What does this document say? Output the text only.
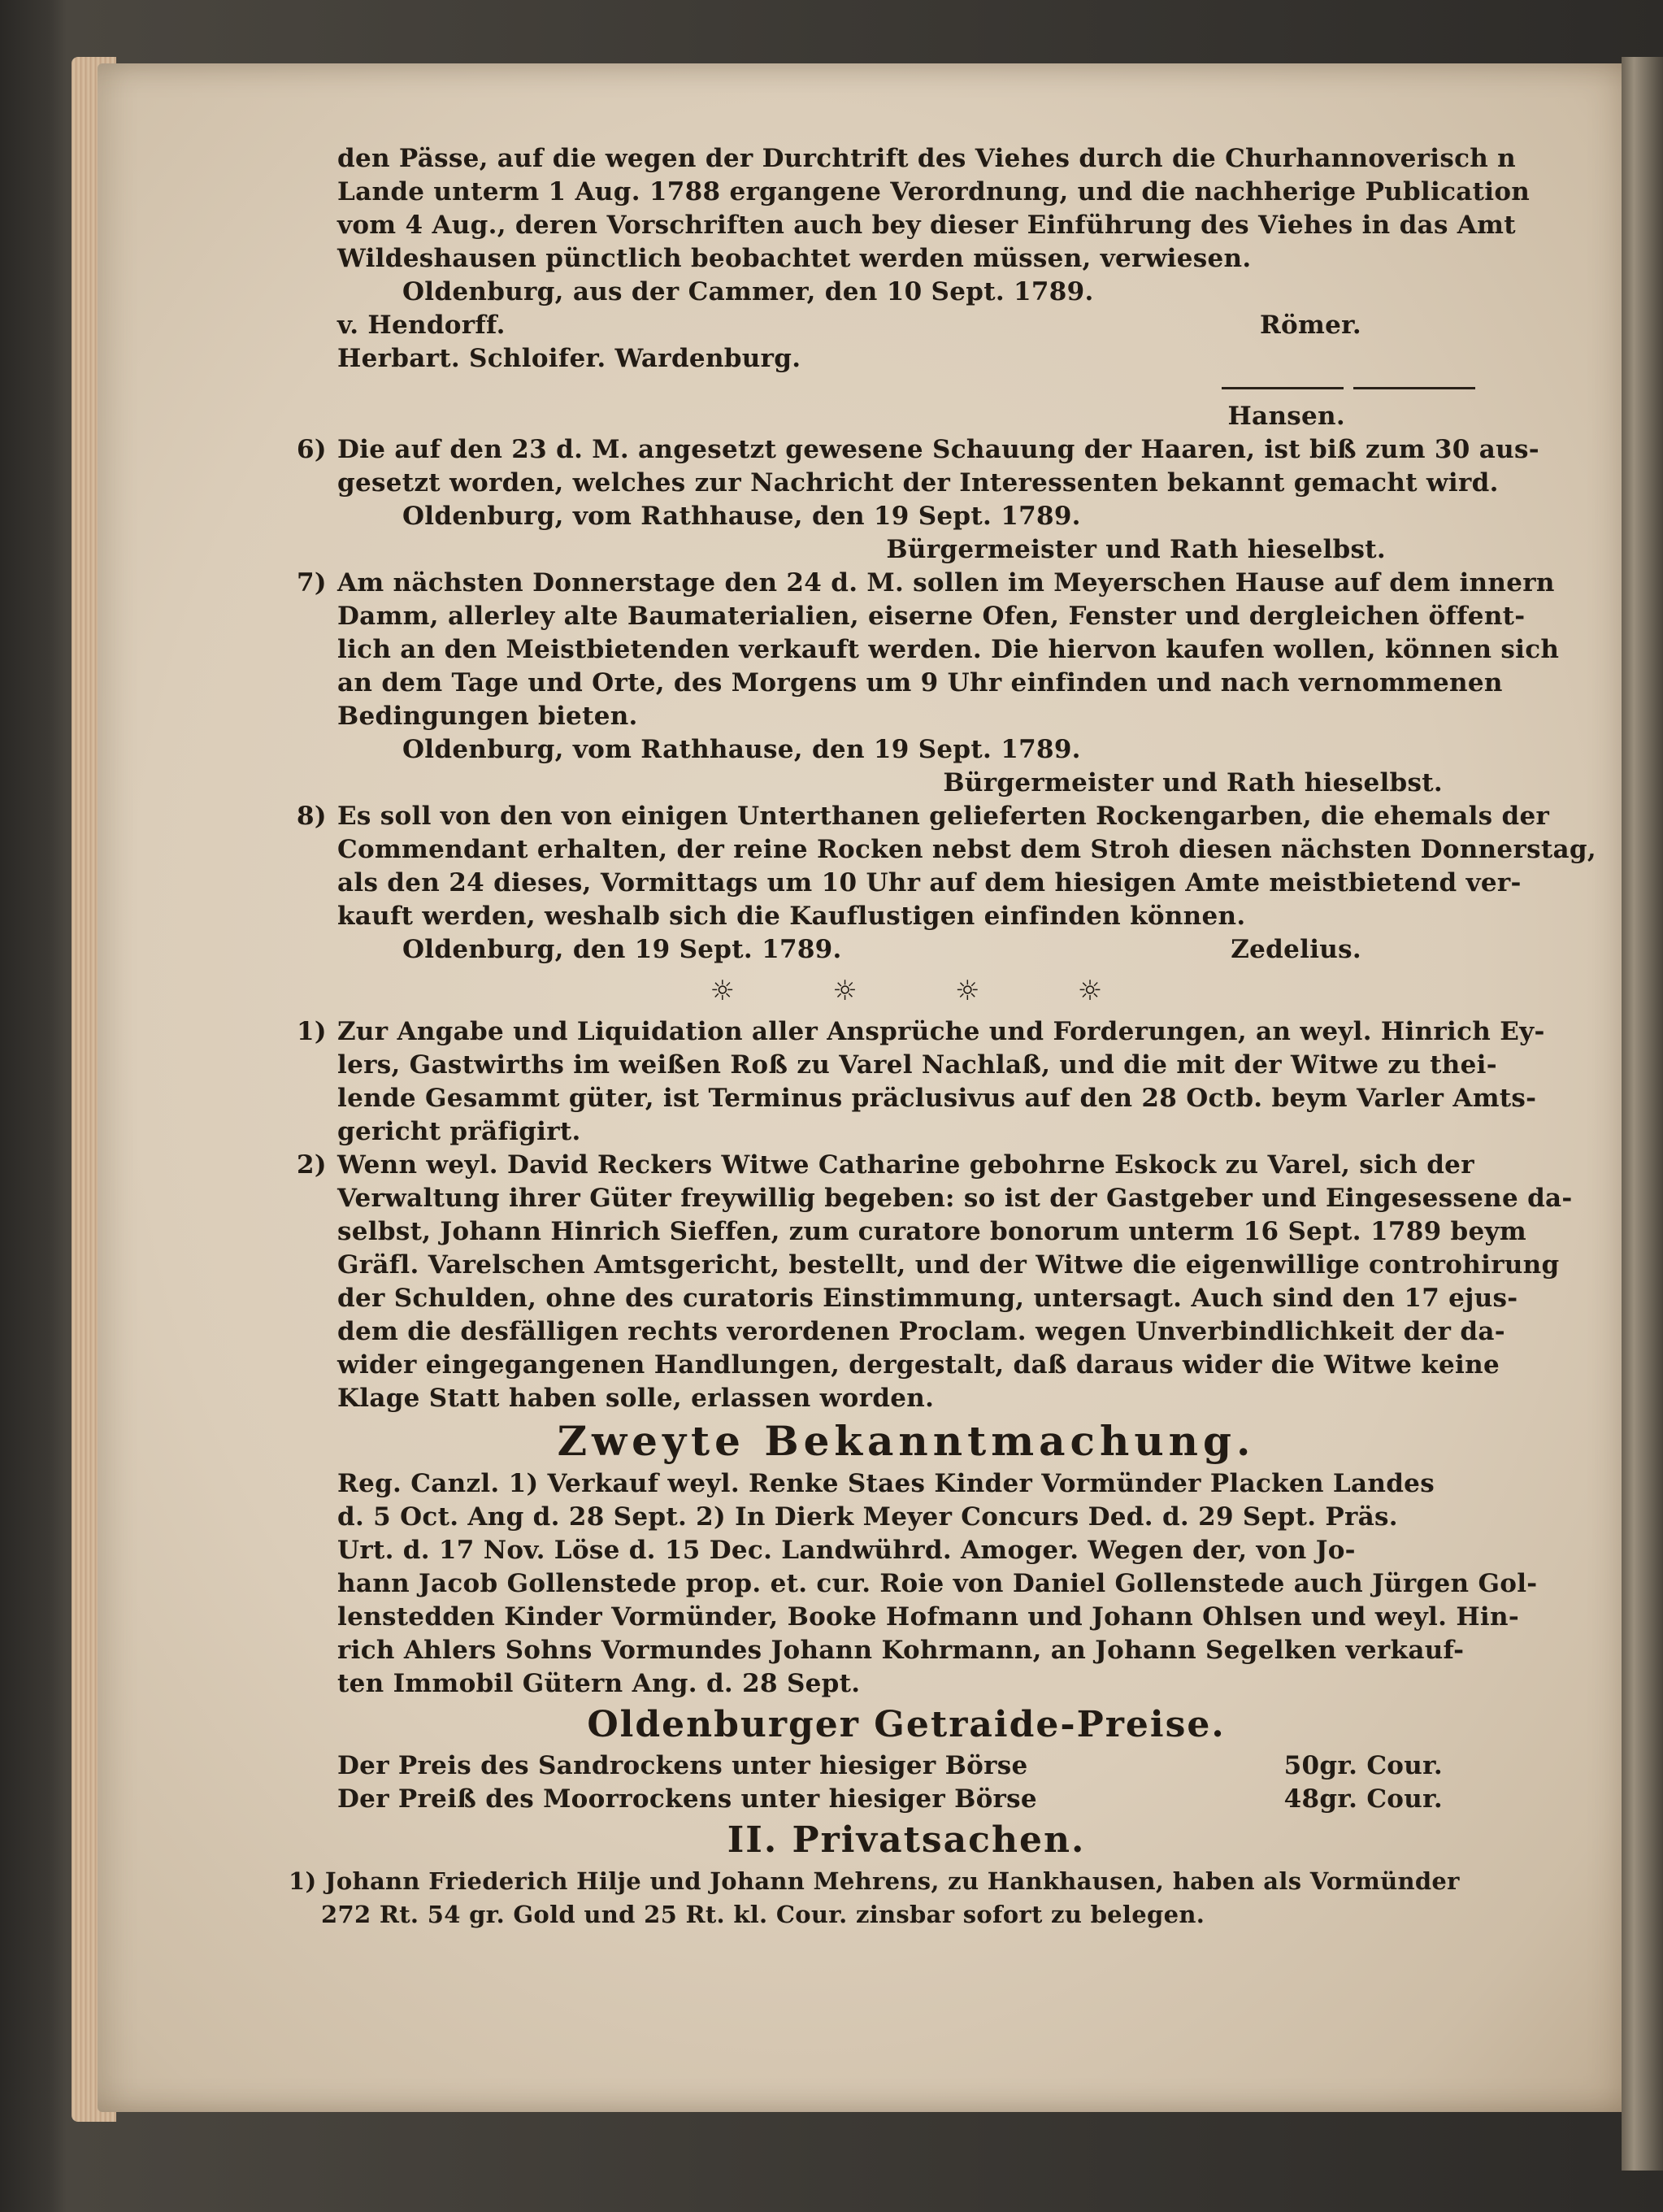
den Pässe, auf die wegen der Durchtrift des Viehes durch die Churhannoverisch n
Lande unterm 1 Aug. 1788 ergangene Verordnung, und die nachherige Publication
vom 4 Aug., deren Vorschriften auch bey dieser Einführung des Viehes in das Amt
Wildeshausen pünctlich beobachtet werden müssen, verwiesen.
Oldenburg, aus der Cammer, den 10 Sept. 1789.
v. Hendorff.	Römer.
Herbart. Schloifer. Wardenburg.
Hansen.
6) Die auf den 23 d. M. angesetzt gewesene Schauung der Haaren, ist biß zum 30 aus-
gesetzt worden, welches zur Nachricht der Interessenten bekannt gemacht wird.
Oldenburg, vom Rathhause, den 19 Sept. 1789.
Bürgermeister und Rath hieselbst.
7) Am nächsten Donnerstage den 24 d. M. sollen im Meyerschen Hause auf dem innern
Damm, allerley alte Baumaterialien, eiserne Ofen, Fenster und dergleichen öffent-
lich an den Meistbietenden verkauft werden. Die hiervon kaufen wollen, können sich
an dem Tage und Orte, des Morgens um 9 Uhr einfinden und nach vernommenen
Bedingungen bieten.
Oldenburg, vom Rathhause, den 19 Sept. 1789.
Bürgermeister und Rath hieselbst.
8) Es soll von den von einigen Unterthanen gelieferten Rockengarben, die ehemals der
Commendant erhalten, der reine Rocken nebst dem Stroh diesen nächsten Donnerstag,
als den 24 dieses, Vormittags um 10 Uhr auf dem hiesigen Amte meistbietend ver-
kauft werden, weshalb sich die Kauflustigen einfinden können.
Oldenburg, den 19 Sept. 1789.	Zedelius.
☼	☼	☼	☼
1) Zur Angabe und Liquidation aller Ansprüche und Forderungen, an weyl. Hinrich Ey-
lers, Gastwirths im weißen Roß zu Varel Nachlaß, und die mit der Witwe zu thei-
lende Gesammt güter, ist Terminus präclusivus auf den 28 Octb. beym Varler Amts-
gericht präfigirt.
2) Wenn weyl. David Reckers Witwe Catharine gebohrne Eskock zu Varel, sich der
Verwaltung ihrer Güter freywillig begeben: so ist der Gastgeber und Eingesessene da-
selbst, Johann Hinrich Sieffen, zum curatore bonorum unterm 16 Sept. 1789 beym
Gräfl. Varelschen Amtsgericht, bestellt, und der Witwe die eigenwillige controhirung
der Schulden, ohne des curatoris Einstimmung, untersagt. Auch sind den 17 ejus-
dem die desfälligen rechts verordenen Proclam. wegen Unverbindlichkeit der da-
wider eingegangenen Handlungen, dergestalt, daß daraus wider die Witwe keine
Klage Statt haben solle, erlassen worden.
Zweyte Bekanntmachung.
Reg. Canzl. 1) Verkauf weyl. Renke Staes Kinder Vormünder Placken Landes
d. 5 Oct. Ang d. 28 Sept. 2) In Dierk Meyer Concurs Ded. d. 29 Sept. Präs.
Urt. d. 17 Nov. Löse d. 15 Dec. Landwührd. Amoger. Wegen der, von Jo-
hann Jacob Gollenstede prop. et. cur. Roie von Daniel Gollenstede auch Jürgen Gol-
lenstedden Kinder Vormünder, Booke Hofmann und Johann Ohlsen und weyl. Hin-
rich Ahlers Sohns Vormundes Johann Kohrmann, an Johann Segelken verkauf-
ten Immobil Gütern Ang. d. 28 Sept.
Oldenburger Getraide-Preise.
Der Preis des Sandrockens unter hiesiger Börse	50gr. Cour.
Der Preiß des Moorrockens unter hiesiger Börse	48gr. Cour.
II. Privatsachen.
1) Johann Friederich Hilje und Johann Mehrens, zu Hankhausen, haben als Vormünder
272 Rt. 54 gr. Gold und 25 Rt. kl. Cour. zinsbar sofort zu belegen.
